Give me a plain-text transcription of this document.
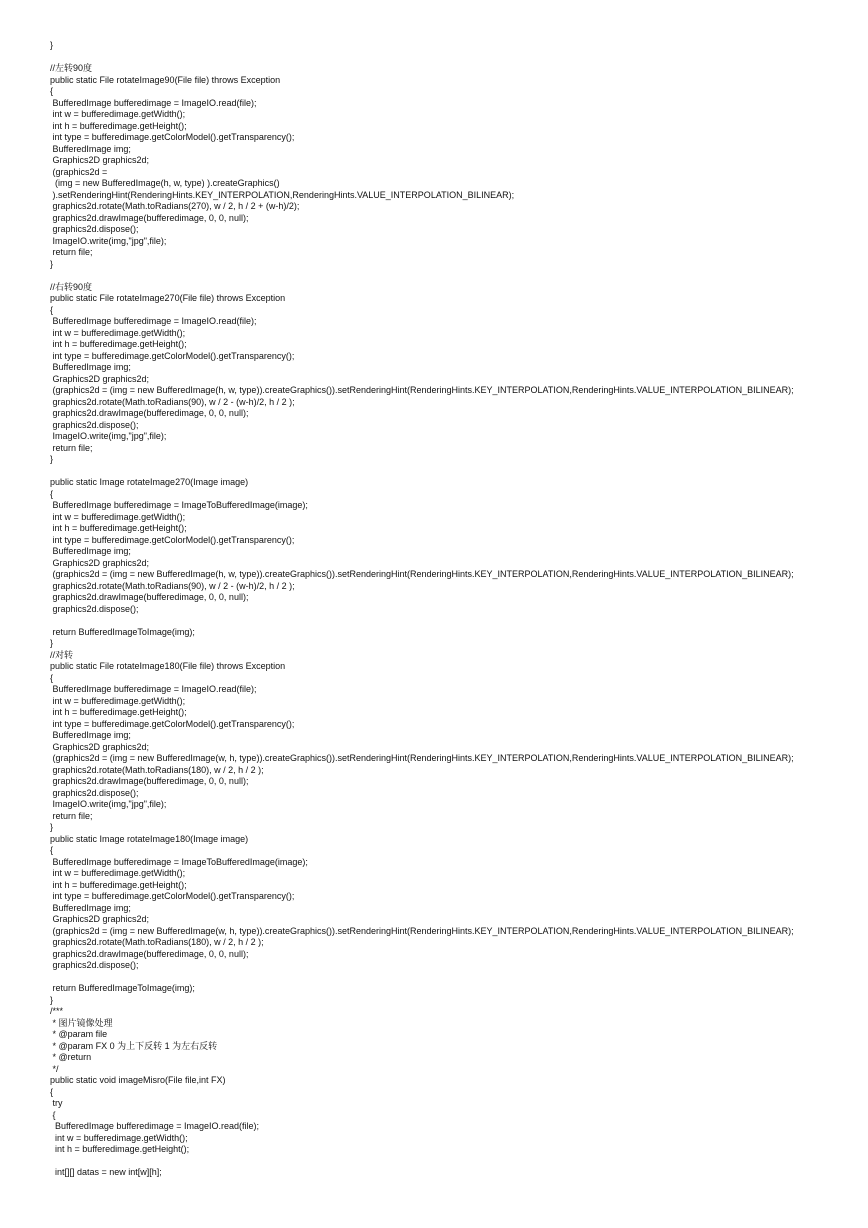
}
//左转90度
public static File rotateImage90(File file) throws Exception
{
BufferedImage bufferedimage = ImageIO.read(file);
int w = bufferedimage.getWidth();
int h = bufferedimage.getHeight();
int type = bufferedimage.getColorModel().getTransparency();
BufferedImage img;
Graphics2D graphics2d;
(graphics2d =
(img = new BufferedImage(h, w, type) ).createGraphics()
).setRenderingHint(RenderingHints.KEY_INTERPOLATION,RenderingHints.VALUE_INTERPOLATION_BILINEAR);
graphics2d.rotate(Math.toRadians(270), w / 2, h / 2 + (w-h)/2);
graphics2d.drawImage(bufferedimage, 0, 0, null);
graphics2d.dispose();
ImageIO.write(img,"jpg",file);
return file;
}
//右转90度
public static File rotateImage270(File file) throws Exception
{
BufferedImage bufferedimage = ImageIO.read(file);
int w = bufferedimage.getWidth();
int h = bufferedimage.getHeight();
int type = bufferedimage.getColorModel().getTransparency();
BufferedImage img;
Graphics2D graphics2d;
(graphics2d = (img = new BufferedImage(h, w, type)).createGraphics()).setRenderingHint(RenderingHints.KEY_INTERPOLATION,RenderingHints.VALUE_INTERPOLATION_BILINEAR);
graphics2d.rotate(Math.toRadians(90), w / 2 - (w-h)/2, h / 2 );
graphics2d.drawImage(bufferedimage, 0, 0, null);
graphics2d.dispose();
ImageIO.write(img,"jpg",file);
return file;
}
public static Image rotateImage270(Image image)
{
BufferedImage bufferedimage = ImageToBufferedImage(image);
int w = bufferedimage.getWidth();
int h = bufferedimage.getHeight();
int type = bufferedimage.getColorModel().getTransparency();
BufferedImage img;
Graphics2D graphics2d;
(graphics2d = (img = new BufferedImage(h, w, type)).createGraphics()).setRenderingHint(RenderingHints.KEY_INTERPOLATION,RenderingHints.VALUE_INTERPOLATION_BILINEAR);
graphics2d.rotate(Math.toRadians(90), w / 2 - (w-h)/2, h / 2 );
graphics2d.drawImage(bufferedimage, 0, 0, null);
graphics2d.dispose();
return BufferedImageToImage(img);
}
//对转
public static File rotateImage180(File file) throws Exception
{
BufferedImage bufferedimage = ImageIO.read(file);
int w = bufferedimage.getWidth();
int h = bufferedimage.getHeight();
int type = bufferedimage.getColorModel().getTransparency();
BufferedImage img;
Graphics2D graphics2d;
(graphics2d = (img = new BufferedImage(w, h, type)).createGraphics()).setRenderingHint(RenderingHints.KEY_INTERPOLATION,RenderingHints.VALUE_INTERPOLATION_BILINEAR);
graphics2d.rotate(Math.toRadians(180), w / 2, h / 2 );
graphics2d.drawImage(bufferedimage, 0, 0, null);
graphics2d.dispose();
ImageIO.write(img,"jpg",file);
return file;
}
public static Image rotateImage180(Image image)
{
BufferedImage bufferedimage = ImageToBufferedImage(image);
int w = bufferedimage.getWidth();
int h = bufferedimage.getHeight();
int type = bufferedimage.getColorModel().getTransparency();
BufferedImage img;
Graphics2D graphics2d;
(graphics2d = (img = new BufferedImage(w, h, type)).createGraphics()).setRenderingHint(RenderingHints.KEY_INTERPOLATION,RenderingHints.VALUE_INTERPOLATION_BILINEAR);
graphics2d.rotate(Math.toRadians(180), w / 2, h / 2 );
graphics2d.drawImage(bufferedimage, 0, 0, null);
graphics2d.dispose();
return BufferedImageToImage(img);
}
/***
* 图片镜像处理
* @param file
* @param FX 0 为上下反转 1 为左右反转
* @return
*/
public static void imageMisro(File file,int FX)
{
try
{
BufferedImage bufferedimage = ImageIO.read(file);
int w = bufferedimage.getWidth();
int h = bufferedimage.getHeight();
int[][] datas = new int[w][h];
